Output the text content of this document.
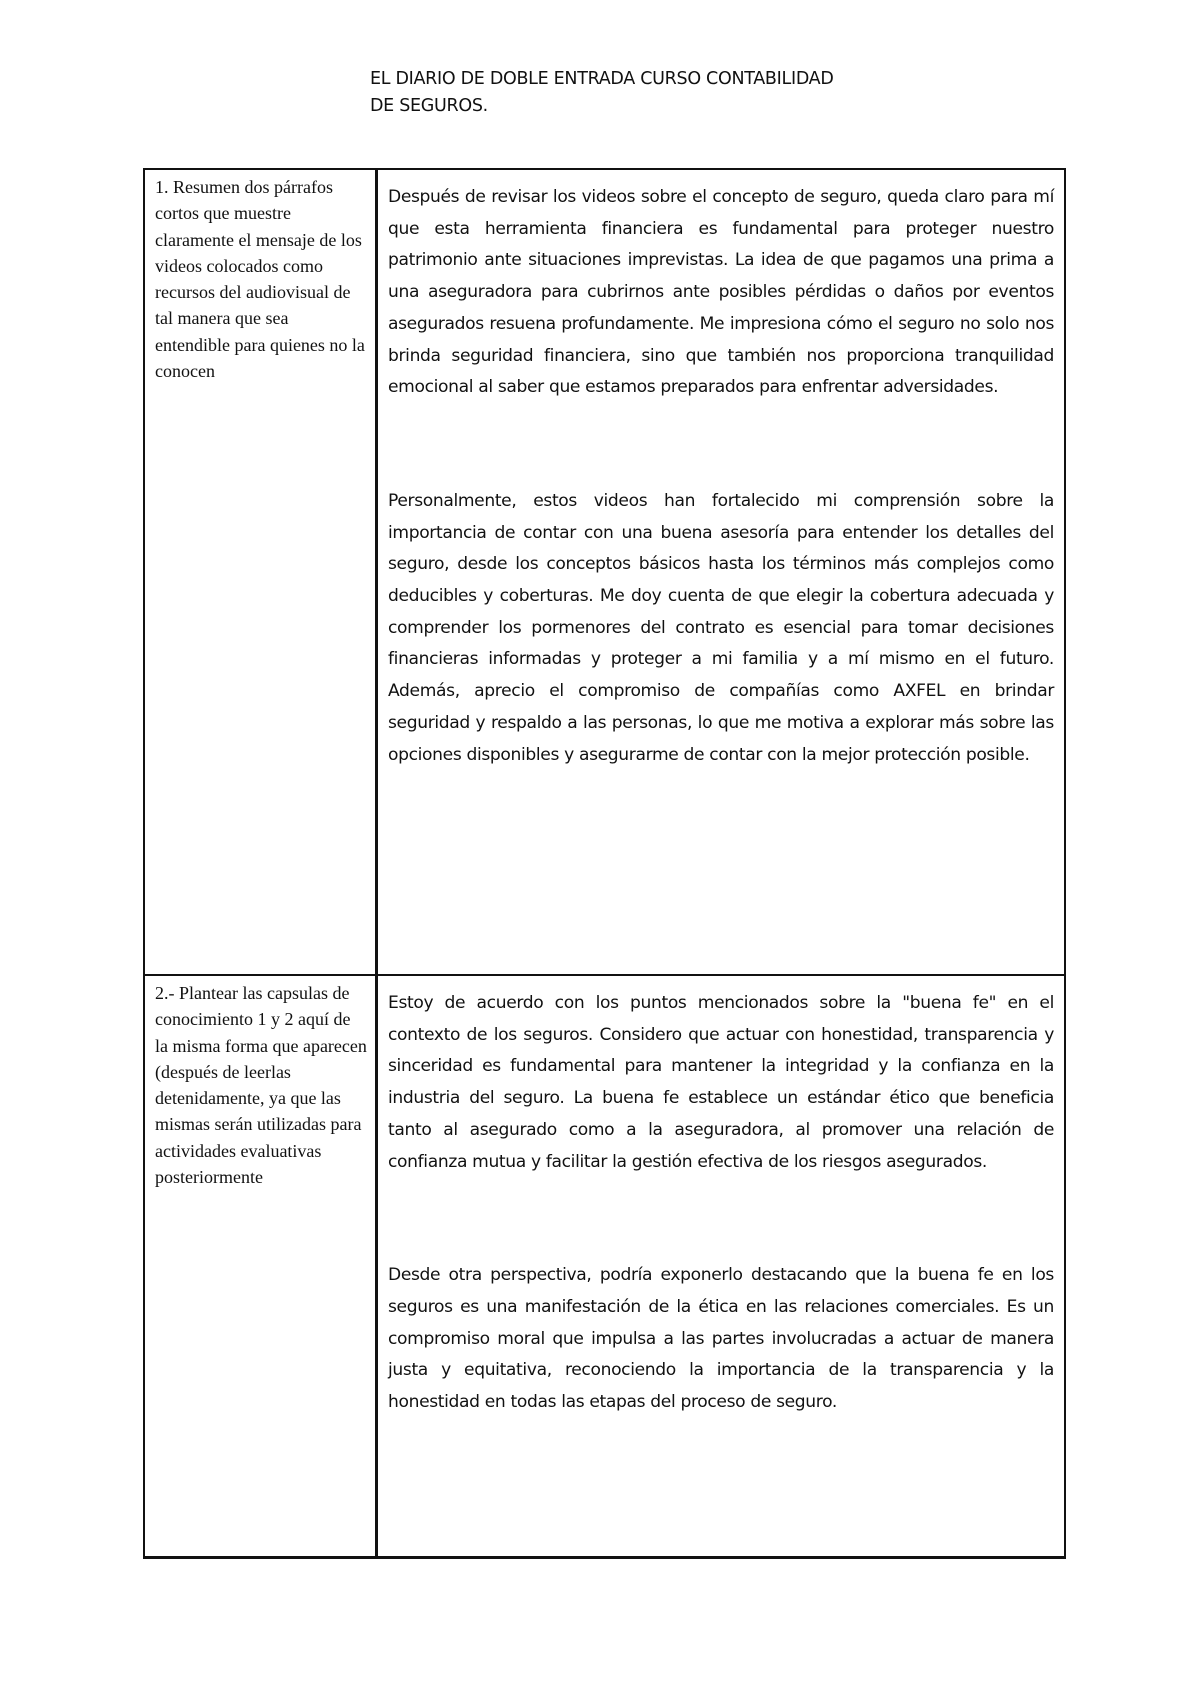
EL DIARIO DE DOBLE ENTRADA CURSO CONTABILIDAD
DE SEGUROS.
1. Resumen dos párrafos cortos que muestre claramente el mensaje de los videos colocados como recursos del audiovisual de tal manera que sea entendible para quienes no la conocen	Después de revisar los videos sobre el concepto de seguro, queda claro para mí que esta herramienta financiera es fundamental para proteger nuestro patrimonio ante situaciones imprevistas. La idea de que pagamos una prima a una aseguradora para cubrirnos ante posibles pérdidas o daños por eventos asegurados resuena profundamente. Me impresiona cómo el seguro no solo nos brinda seguridad financiera, sino que también nos proporciona tranquilidad emocional al saber que estamos preparados para enfrentar adversidades.

Personalmente, estos videos han fortalecido mi comprensión sobre la importancia de contar con una buena asesoría para entender los detalles del seguro, desde los conceptos básicos hasta los términos más complejos como deducibles y coberturas. Me doy cuenta de que elegir la cobertura adecuada y comprender los pormenores del contrato es esencial para tomar decisiones financieras informadas y proteger a mi familia y a mí mismo en el futuro. Además, aprecio el compromiso de compañías como AXFEL en brindar seguridad y respaldo a las personas, lo que me motiva a explorar más sobre las opciones disponibles y asegurarme de contar con la mejor protección posible.

2.- Plantear las capsulas de conocimiento 1 y 2 aquí de la misma forma que aparecen (después de leerlas detenidamente, ya que las mismas serán utilizadas para actividades evaluativas posteriormente	Estoy de acuerdo con los puntos mencionados sobre la "buena fe" en el contexto de los seguros. Considero que actuar con honestidad, transparencia y sinceridad es fundamental para mantener la integridad y la confianza en la industria del seguro. La buena fe establece un estándar ético que beneficia tanto al asegurado como a la aseguradora, al promover una relación de confianza mutua y facilitar la gestión efectiva de los riesgos asegurados.

Desde otra perspectiva, podría exponerlo destacando que la buena fe en los seguros es una manifestación de la ética en las relaciones comerciales. Es un compromiso moral que impulsa a las partes involucradas a actuar de manera justa y equitativa, reconociendo la importancia de la transparencia y la honestidad en todas las etapas del proceso de seguro.
